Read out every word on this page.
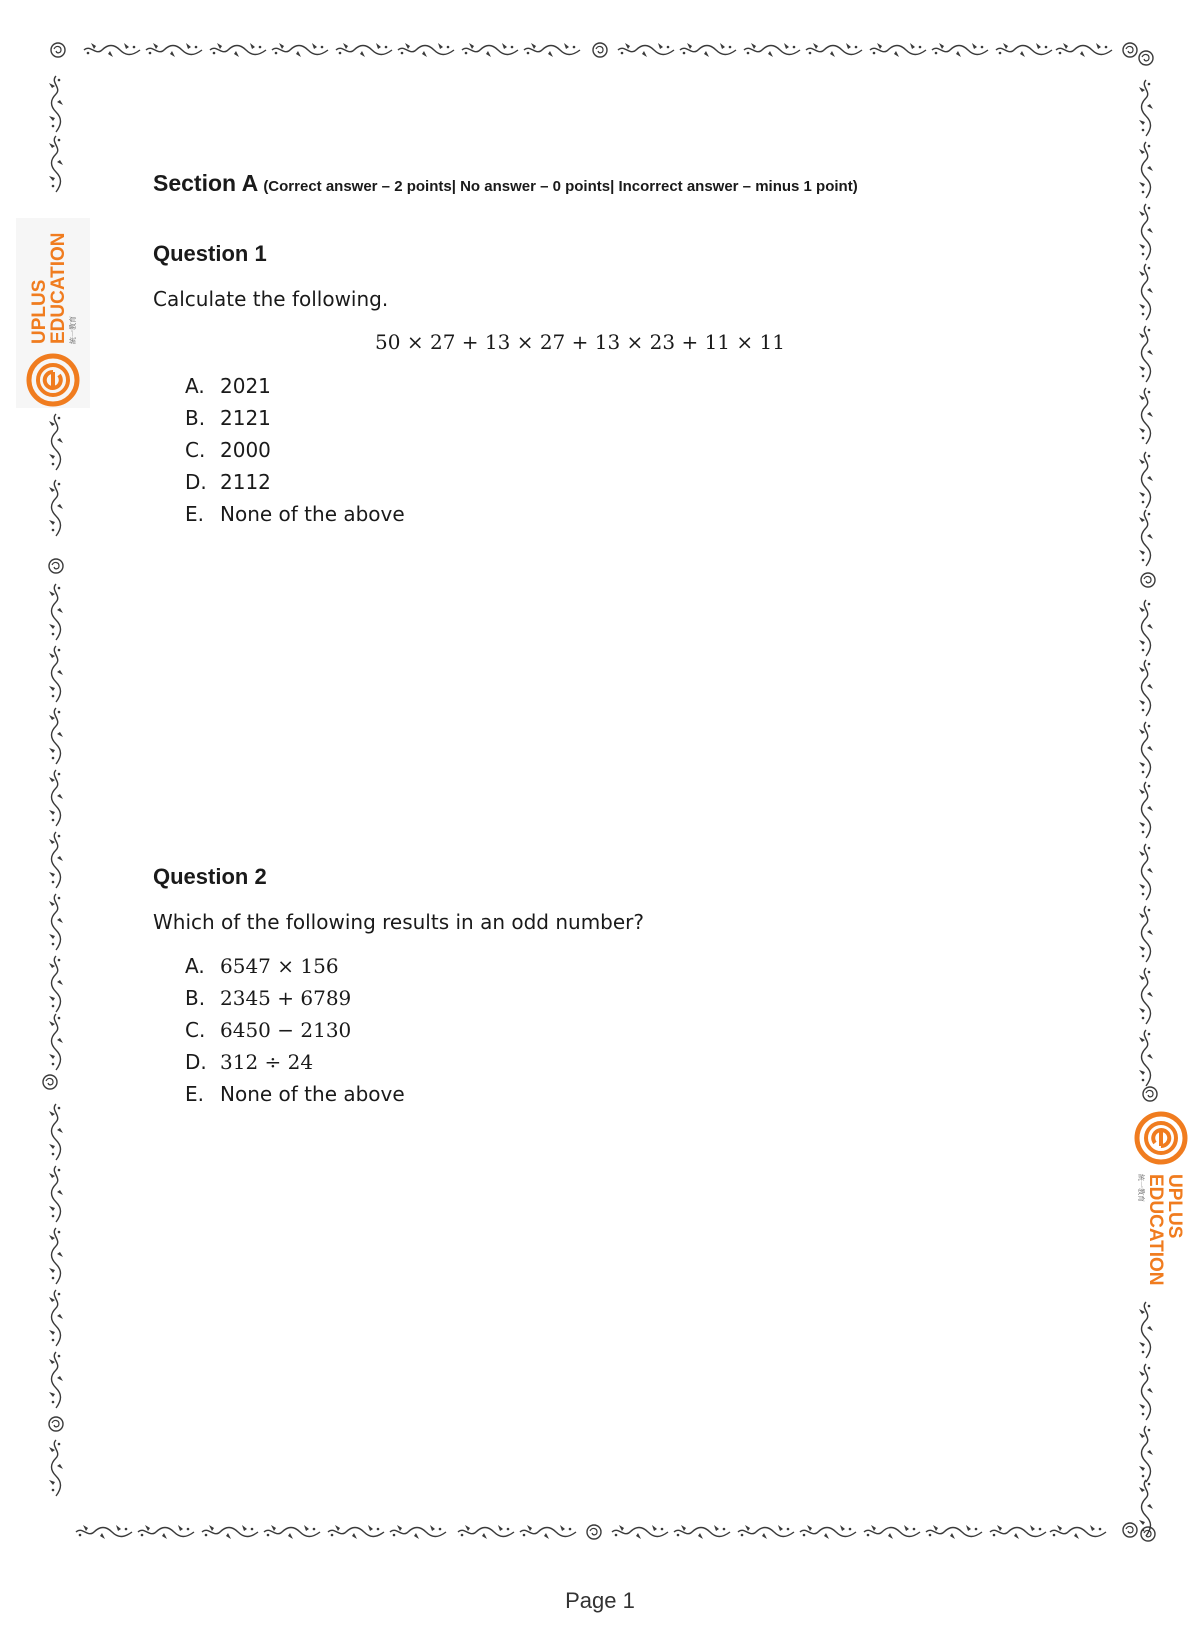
UPLUS
EDUCATION 統一教育
UPLUS
EDUCATION
統一教育
Section A (Correct answer – 2 points| No answer – 0 points| Incorrect answer – minus 1 point)
Question 1
Calculate the following.
50 × 27 + 13 × 27 + 13 × 23 + 11 × 11
A. 2021
B. 2121
C. 2000
D. 2112
E. None of the above
Question 2
Which of the following results in an odd number?
A. 6547 × 156
B. 2345 + 6789
C. 6450 − 2130
D. 312 ÷ 24
E. None of the above
Page 1
